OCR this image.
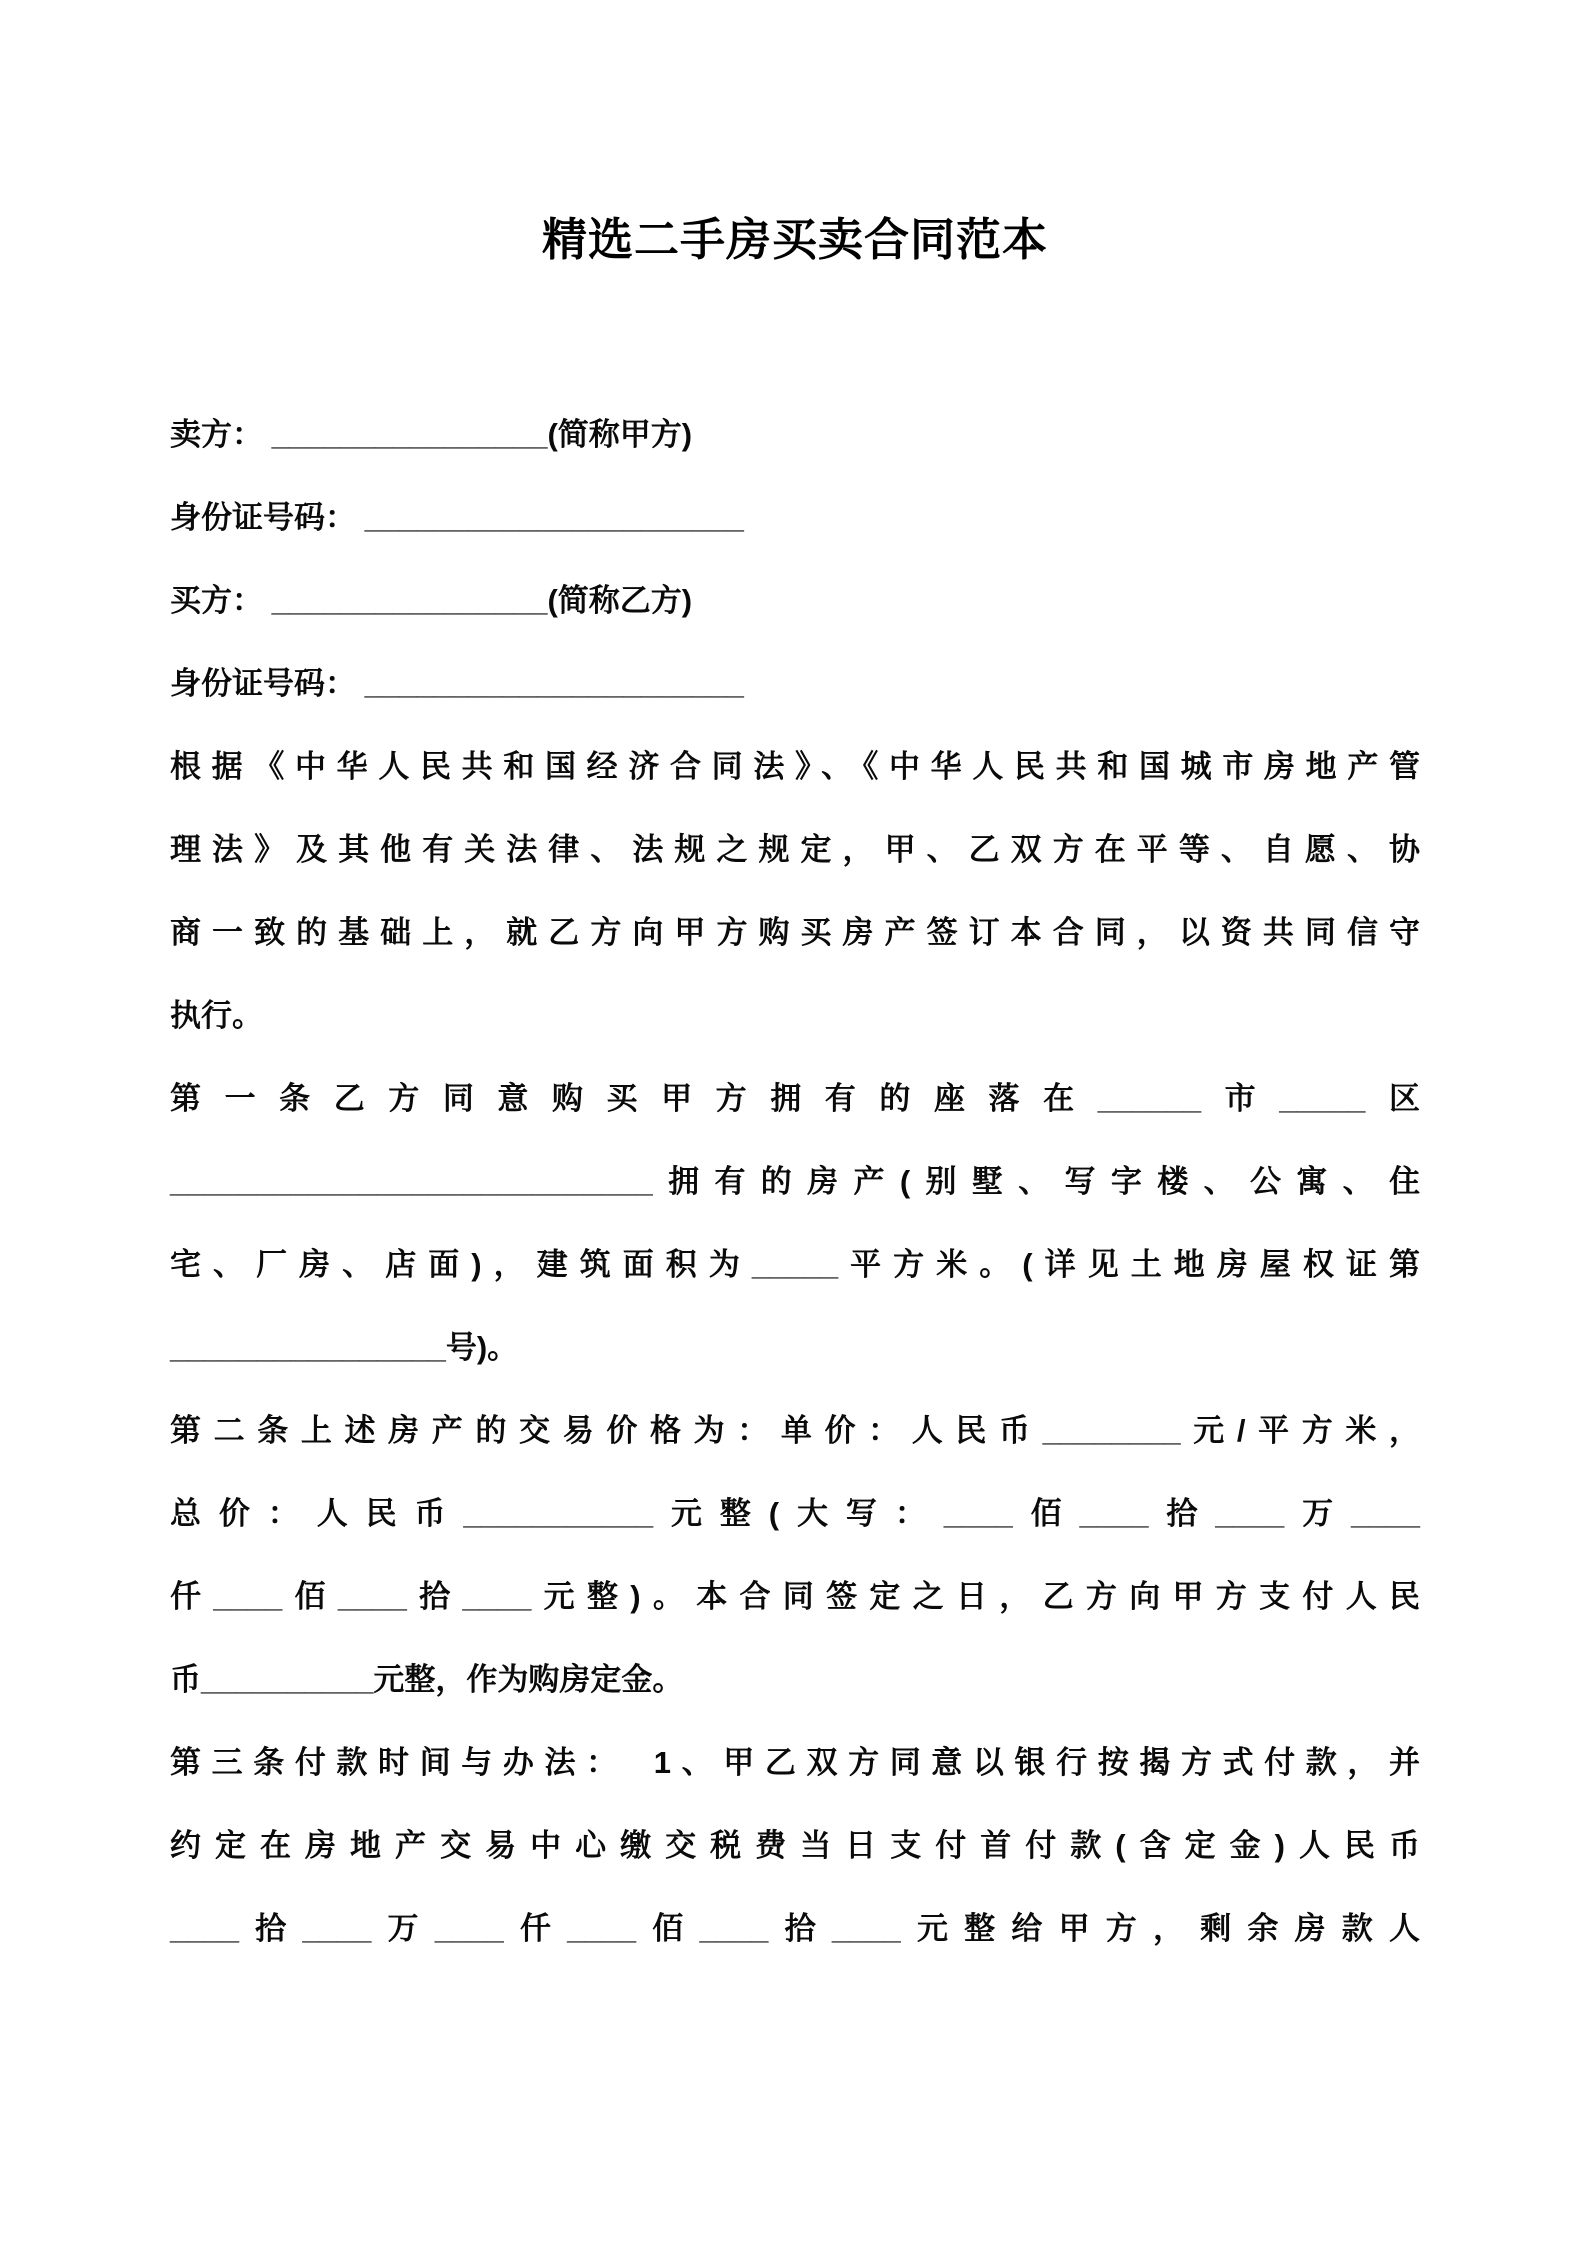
精选二手房买卖合同范本
卖方： ________________(简称甲方)
身份证号码： ______________________
买方： ________________(简称乙方)
身份证号码： ______________________
根据《中华人民共和国经济合同法》、《中华人民共和国城市房地产管
理法》及其他有关法律、法规之规定，甲、乙双方在平等、自愿、协
商一致的基础上，就乙方向甲方购买房产签订本合同，以资共同信守
执行。
第一条乙方同意购买甲方拥有的座落在______市_____区
____________________________拥有的房产(别墅、写字楼、公寓、住
宅、厂房、店面)，建筑面积为_____平方米。(详见土地房屋权证第
________________号)。
第二条上述房产的交易价格为：单价：人民币________元/平方米，
总价：人民币___________元整(大写：____佰____拾____万____
仟____佰____拾____元整)。本合同签定之日，乙方向甲方支付人民
币__________元整，作为购房定金。
第三条付款时间与办法：　1、甲乙双方同意以银行按揭方式付款，并
约定在房地产交易中心缴交税费当日支付首付款(含定金)人民币
____拾____万____仟____佰____拾____元整给甲方，剩余房款人
